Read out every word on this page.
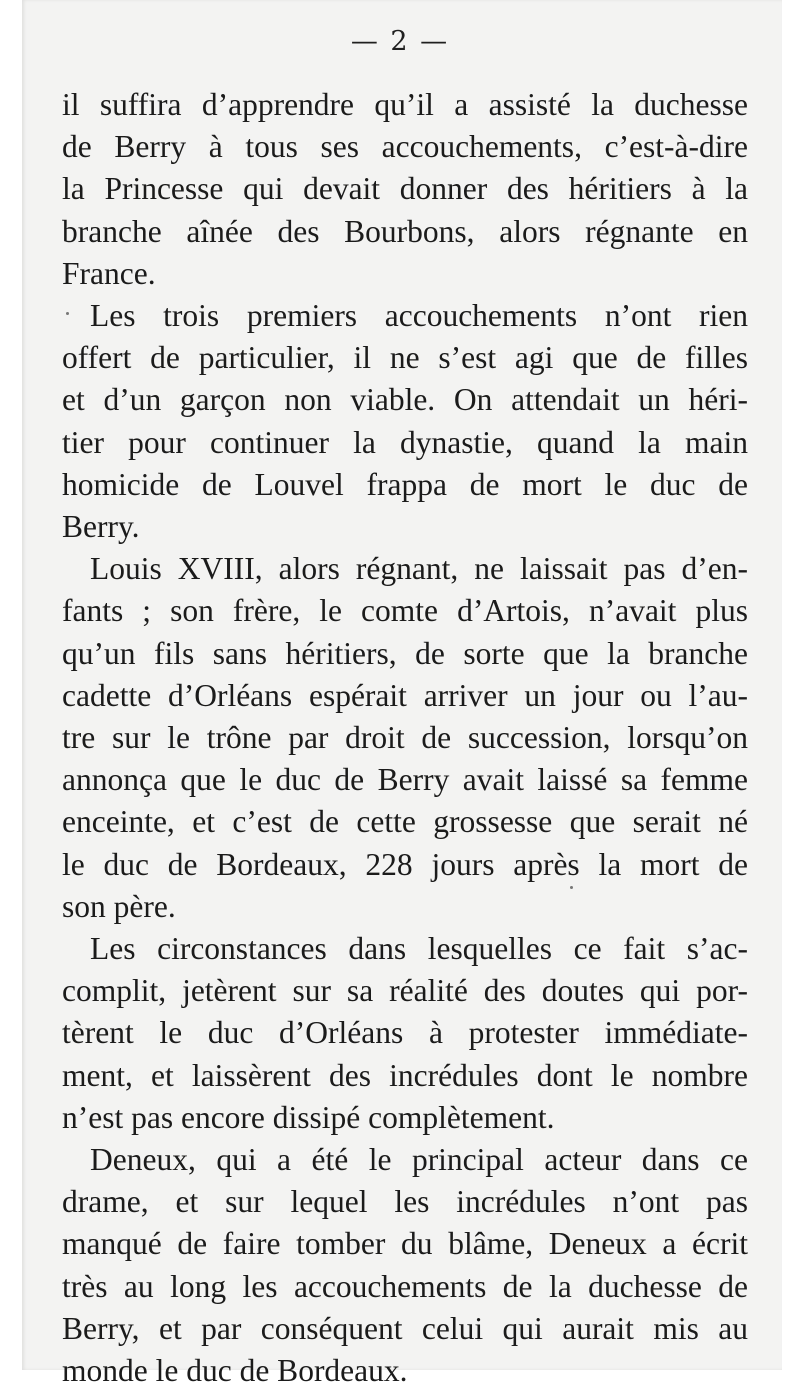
— 2 —

il suffira d’apprendre qu’il a assisté la duchesse
de Berry à tous ses accouchements, c’est-à-dire
la Princesse qui devait donner des héritiers à la
branche aînée des Bourbons, alors régnante en
France.

Les trois premiers accouchements n’ont rien
offert de particulier, il ne s’est agi que de filles
et d’un garçon non viable. On attendait un héri-
tier pour continuer la dynastie, quand la main
homicide de Louvel frappa de mort le duc de
Berry.

Louis XVIII, alors régnant, ne laissait pas d’en-
fants ; son frère, le comte d’Artois, n’avait plus
qu’un fils sans héritiers, de sorte que la branche
cadette d’Orléans espérait arriver un jour ou l’au-
tre sur le trône par droit de succession, lorsqu’on
annonça que le duc de Berry avait laissé sa femme
enceinte, et c’est de cette grossesse que serait né
le duc de Bordeaux, 228 jours après la mort de
son père.

Les circonstances dans lesquelles ce fait s’ac-
complit, jetèrent sur sa réalité des doutes qui por-
tèrent le duc d’Orléans à protester immédiate-
ment, et laissèrent des incrédules dont le nombre
n’est pas encore dissipé complètement.

Deneux, qui a été le principal acteur dans ce
drame, et sur lequel les incrédules n’ont pas
manqué de faire tomber du blâme, Deneux a écrit
très au long les accouchements de la duchesse de
Berry, et par conséquent celui qui aurait mis au
monde le duc de Bordeaux.
